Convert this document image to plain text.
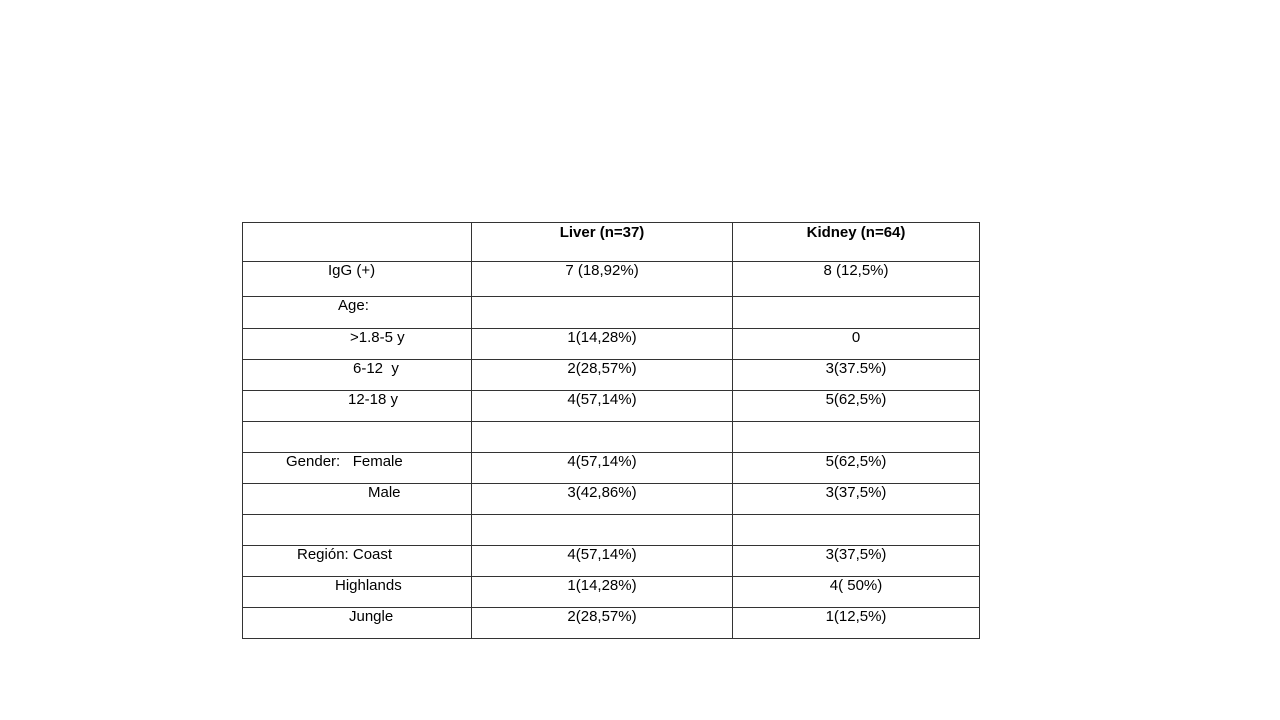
	Liver (n=37)	Kidney (n=64)
IgG (+)	7 (18,92%)	8 (12,5%)
Age:		
>1.8-5 y	1(14,28%)	0
6-12  y	2(28,57%)	3(37.5%)
12-18 y	4(57,14%)	5(62,5%)

Gender:   Female	4(57,14%)	5(62,5%)
Male	3(42,86%)	3(37,5%)

Región: Coast	4(57,14%)	3(37,5%)
Highlands	1(14,28%)	4( 50%)
Jungle	2(28,57%)	1(12,5%)
